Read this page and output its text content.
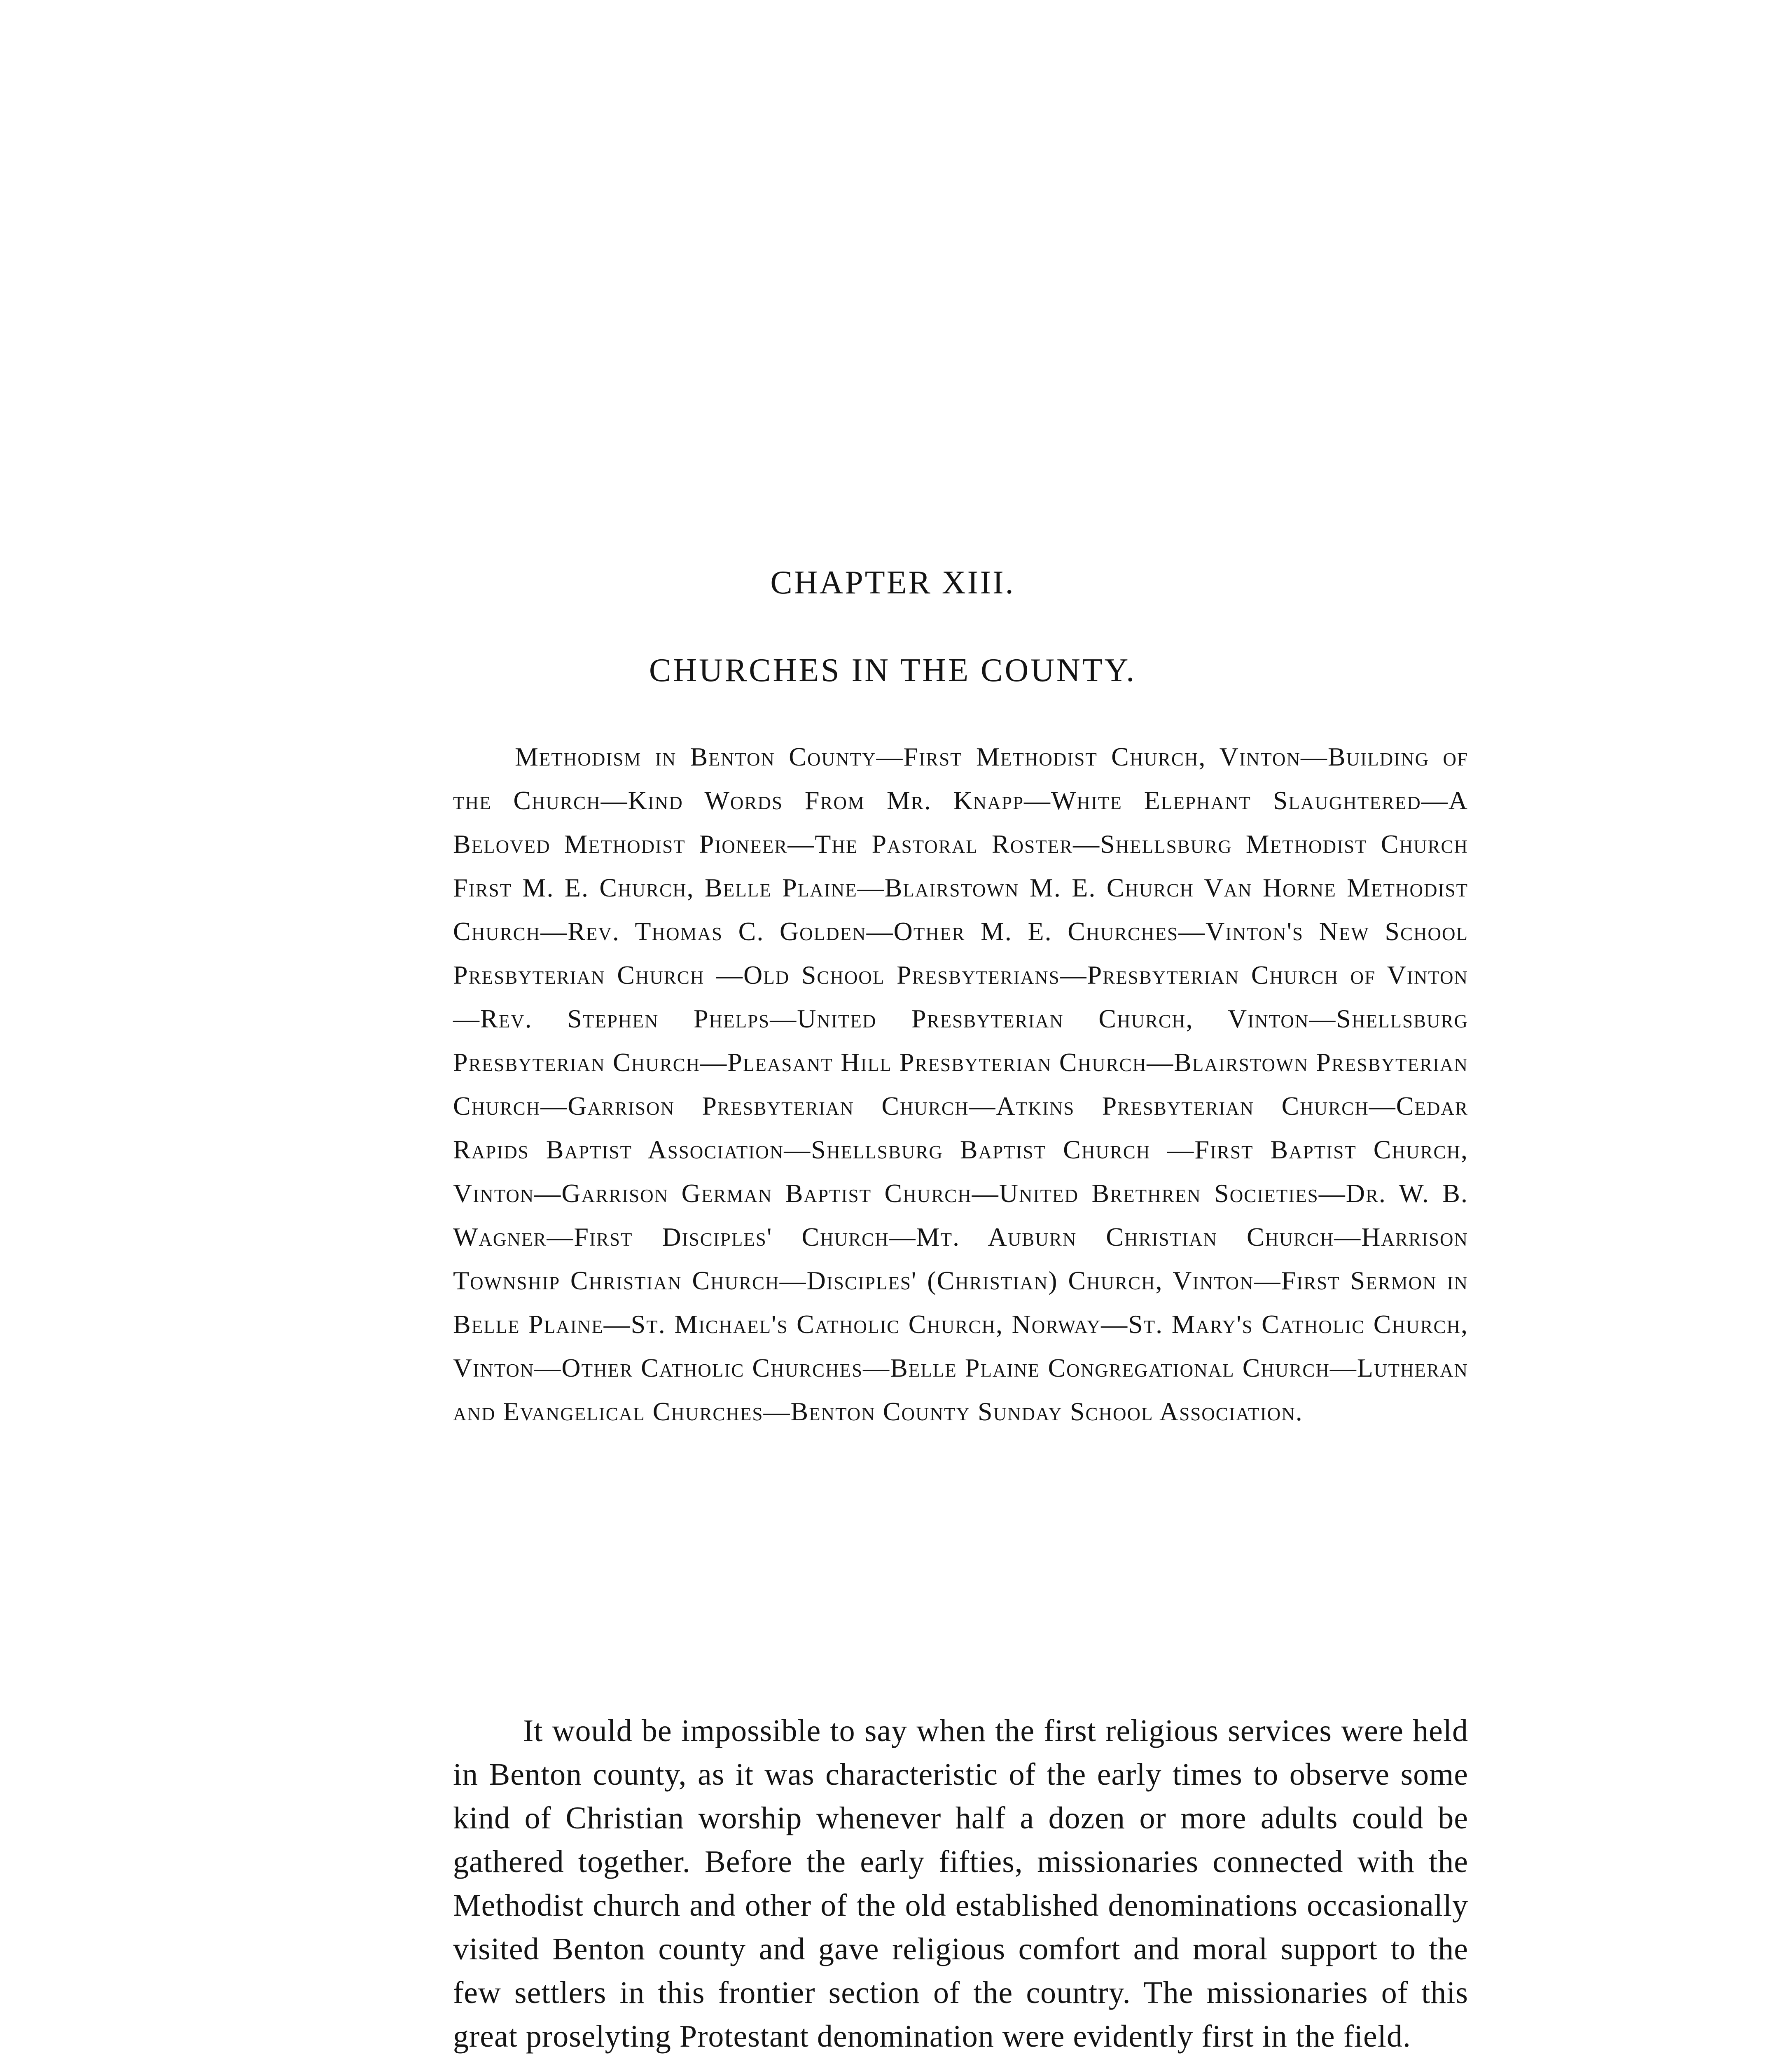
CHAPTER XIII.
CHURCHES IN THE COUNTY.

Methodism in Benton County—First Methodist Church, Vinton—Building of the Church—Kind Words From Mr. Knapp—White Elephant Slaughtered—A Beloved Methodist Pioneer—The Pastoral Roster—Shellsburg Methodist Church First M. E. Church, Belle Plaine—Blairstown M. E. Church Van Horne Methodist Church—Rev. Thomas C. Golden—Other M. E. Churches—Vinton's New School Presbyterian Church —Old School Presbyterians—Presbyterian Church of Vinton —Rev. Stephen Phelps—United Presbyterian Church, Vinton—Shellsburg Presbyterian Church—Pleasant Hill Presbyterian Church—Blairstown Presbyterian Church—Garrison Presbyterian Church—Atkins Presbyterian Church—Cedar Rapids Baptist Association—Shellsburg Baptist Church —First Baptist Church, Vinton—Garrison German Baptist Church—United Brethren Societies—Dr. W. B. Wagner—First Disciples' Church—Mt. Auburn Christian Church—Harrison Township Christian Church—Disciples' (Christian) Church, Vinton—First Sermon in Belle Plaine—St. Michael's Catholic Church, Norway—St. Mary's Catholic Church, Vinton—Other Catholic Churches—Belle Plaine Congregational Church—Lutheran and Evangelical Churches—Benton County Sunday School Association.

It would be impossible to say when the first religious services were held in Benton county, as it was characteristic of the early times to observe some kind of Christian worship whenever half a dozen or more adults could be gathered together. Before the early fifties, missionaries connected with the Methodist church and other of the old established denominations occasionally visited Benton county and gave religious comfort and moral support to the few settlers in this frontier section of the country. The missionaries of this great proselyting Protestant denomination were evidently first in the field.
